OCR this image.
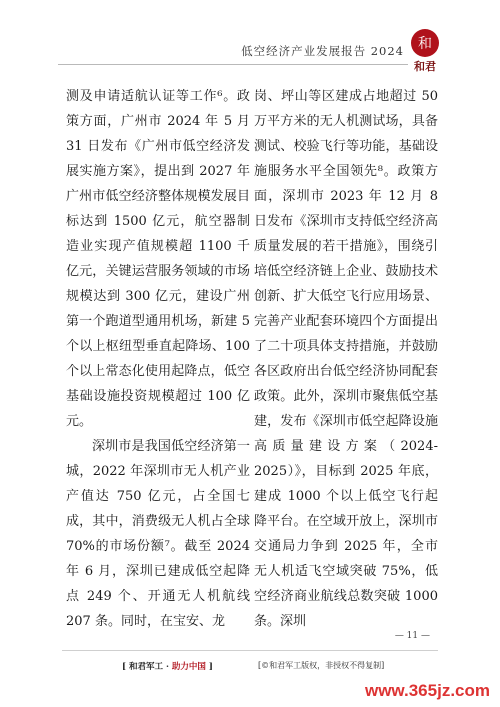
低空经济产业发展报告 2024 和
和君

测及申请适航认证等工作⁶。政策方面，广州市 2024 年 5 月 31 日发布《广州市低空经济发展实施方案》，提出到 2027 年广州市低空经济整体规模发展目标达到 1500 亿元，航空器制造业实现产值规模超 1100 千亿元，关键运营服务领域的市场规模达到 300 亿元，建设广州第一个跑道型通用机场，新建 5 个以上枢纽型垂直起降场、100 个以上常态化使用起降点，低空基础设施投资规模超过 100 亿元。

深圳市是我国低空经济第一城，2022 年深圳市无人机产业产值达 750 亿元，占全国七成，其中，消费级无人机占全球 70%的市场份额⁷。截至 2024 年 6 月，深圳已建成低空起降点 249 个、开通无人机航线 207 条。同时，在宝安、龙

岗、坪山等区建成占地超过 50 万平方米的无人机测试场，具备测试、校验飞行等功能，基础设施服务水平全国领先⁸。政策方面，深圳市 2023 年 12 月 8 日发布《深圳市支持低空经济高质量发展的若干措施》，围绕引培低空经济链上企业、鼓励技术创新、扩大低空飞行应用场景、完善产业配套环境四个方面提出了二十项具体支持措施，并鼓励各区政府出台低空经济协同配套政策。此外，深圳市聚焦低空基建，发布《深圳市低空起降设施高质量建设方案（2024-2025）》，目标到 2025 年底，建成 1000 个以上低空飞行起降平台。在空域开放上，深圳市交通局力争到 2025 年，全市无人机适飞空域突破 75%，低空经济商业航线总数突破 1000 条。深圳

— 11 —
[ 和君军工 · 助力中国 ]	[©和君军工版权，非授权不得复制]
www.365jz.com
